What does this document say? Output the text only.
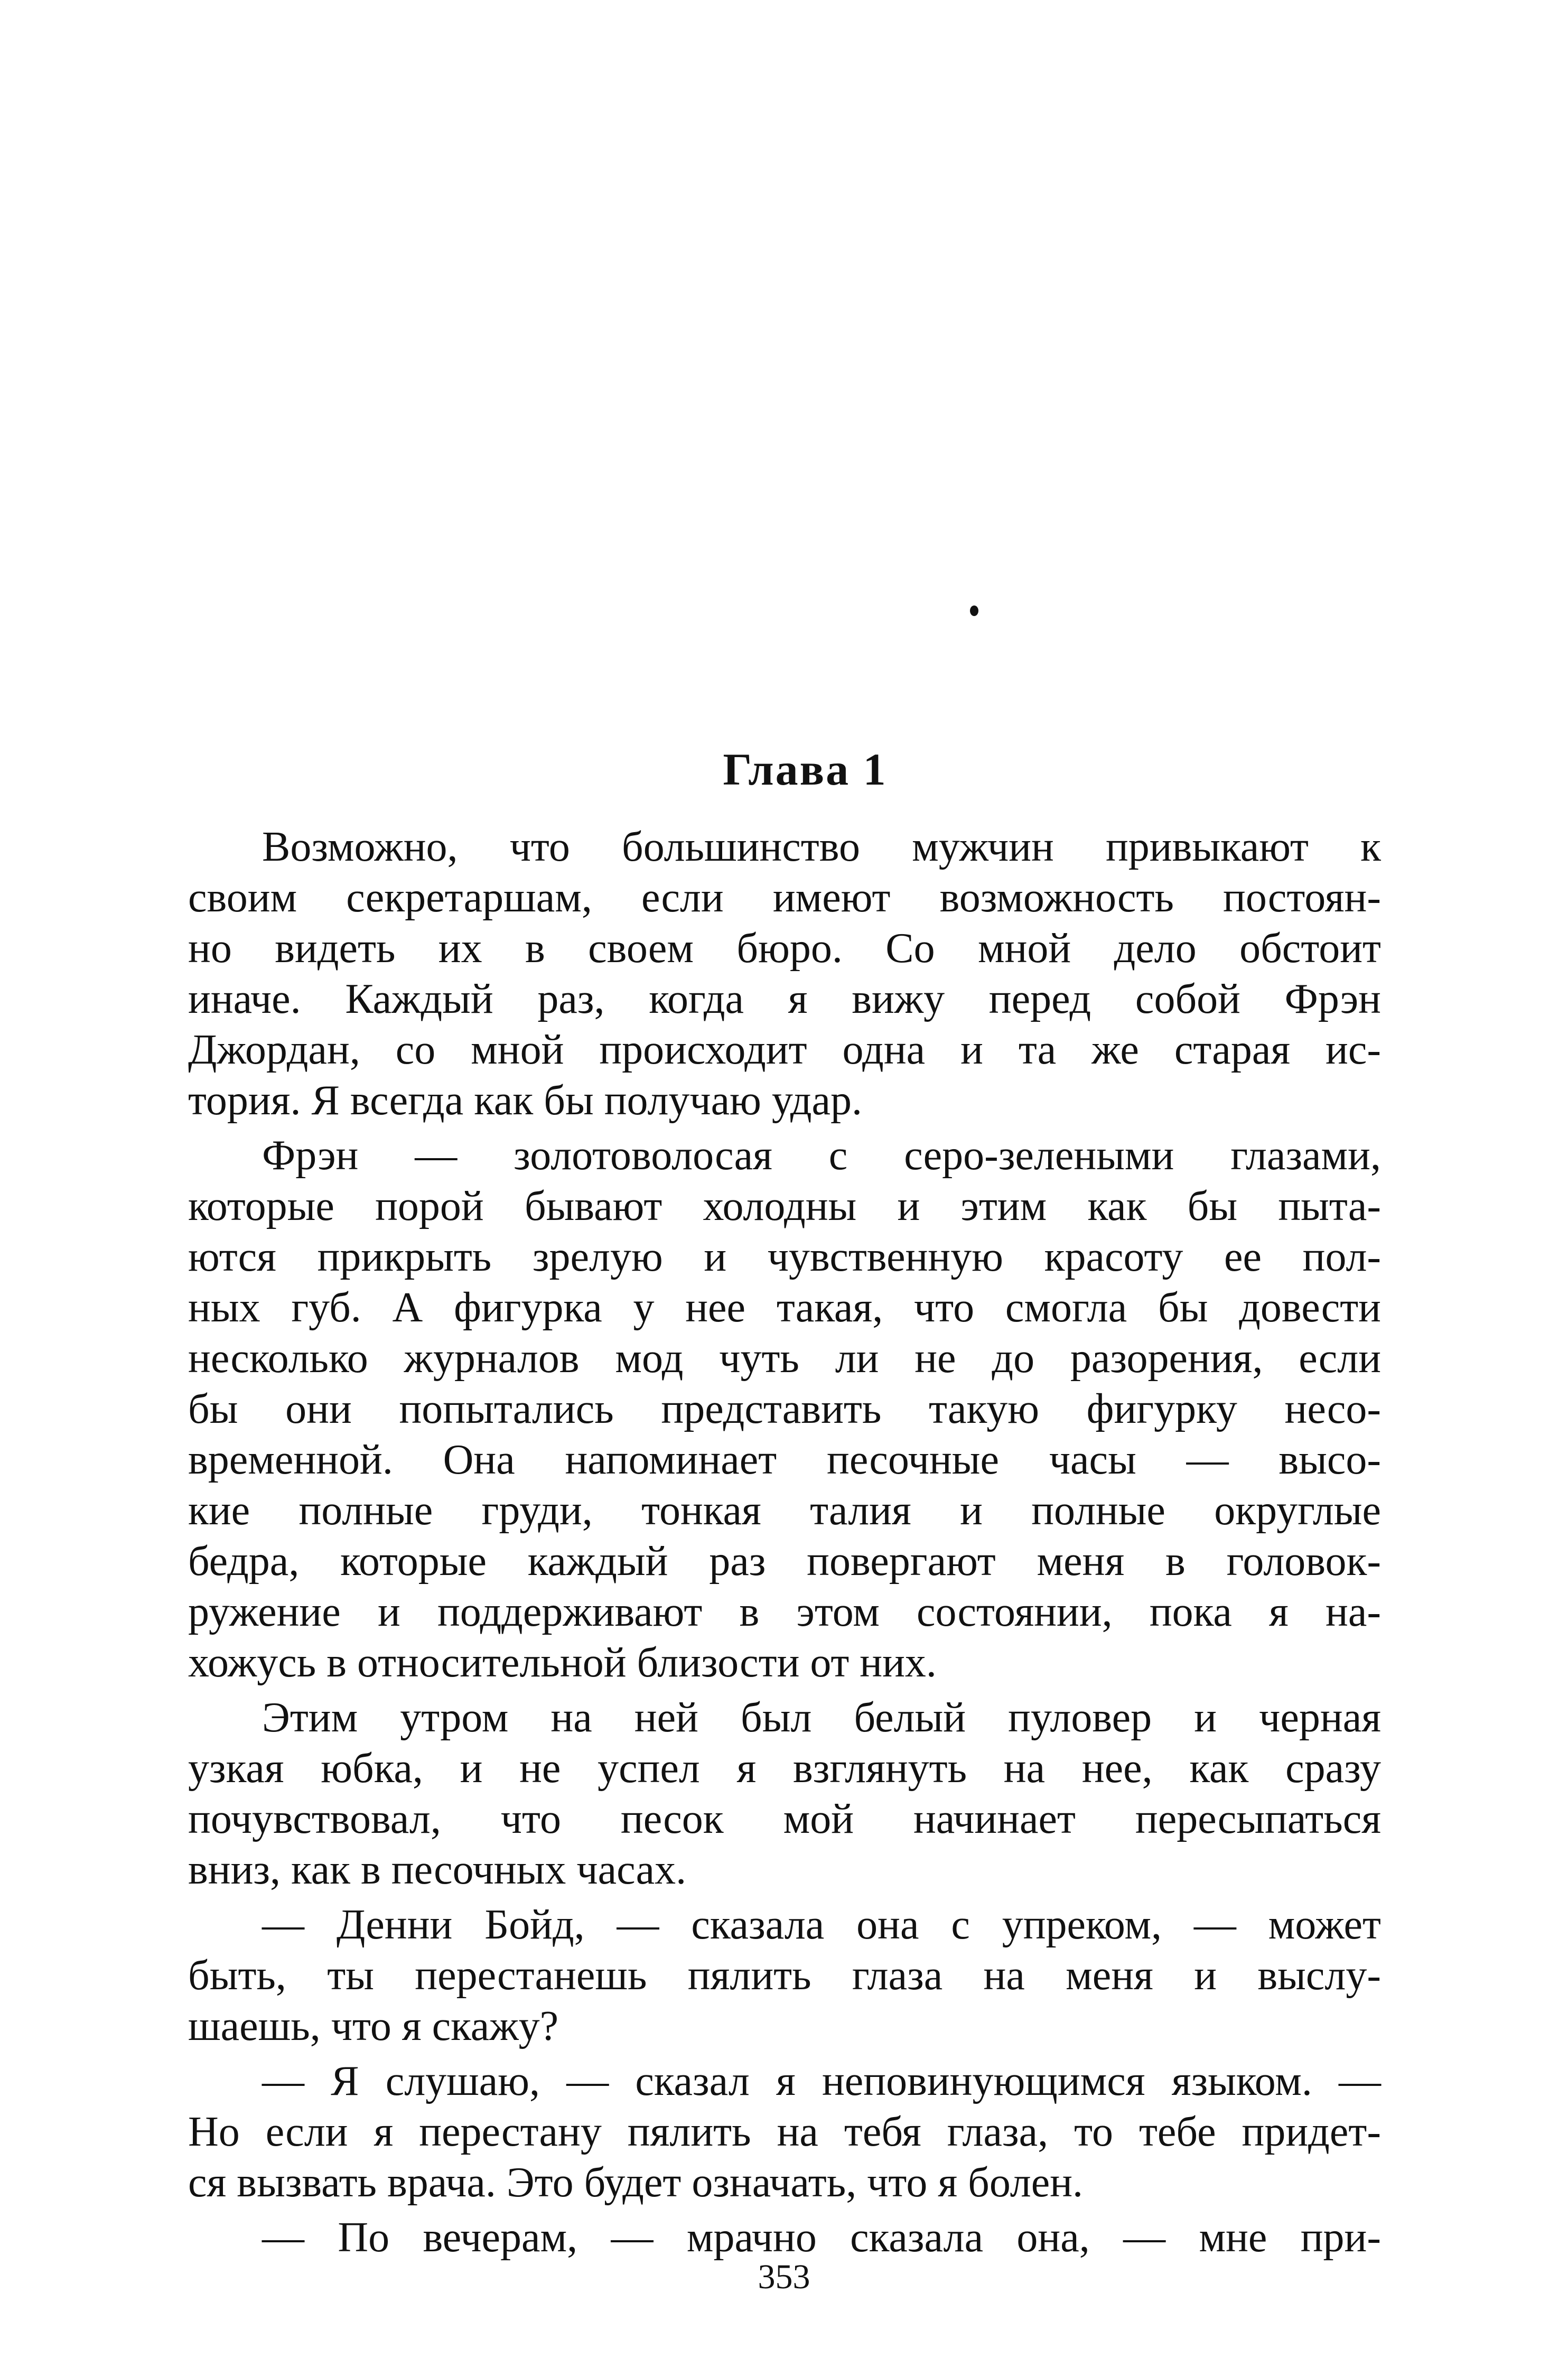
Глава 1
Возможно, что большинство мужчин привыкают к
своим секретаршам, если имеют возможность постоян-
но видеть их в своем бюро. Со мной дело обстоит
иначе. Каждый раз, когда я вижу перед собой Фрэн
Джордан, со мной происходит одна и та же старая ис-
тория. Я всегда как бы получаю удар.
Фрэн — золотоволосая с серо-зелеными глазами,
которые порой бывают холодны и этим как бы пыта-
ются прикрыть зрелую и чувственную красоту ее пол-
ных губ. А фигурка у нее такая, что смогла бы довести
несколько журналов мод чуть ли не до разорения, если
бы они попытались представить такую фигурку несо-
временной. Она напоминает песочные часы — высо-
кие полные груди, тонкая талия и полные округлые
бедра, которые каждый раз повергают меня в головок-
ружение и поддерживают в этом состоянии, пока я на-
хожусь в относительной близости от них.
Этим утром на ней был белый пуловер и черная
узкая юбка, и не успел я взглянуть на нее, как сразу
почувствовал, что песок мой начинает пересыпаться
вниз, как в песочных часах.
— Денни Бойд, — сказала она с упреком, — может
быть, ты перестанешь пялить глаза на меня и выслу-
шаешь, что я скажу?
— Я слушаю, — сказал я неповинующимся языком. —
Но если я перестану пялить на тебя глаза, то тебе придет-
ся вызвать врача. Это будет означать, что я болен.
— По вечерам, — мрачно сказала она, — мне при-
353
